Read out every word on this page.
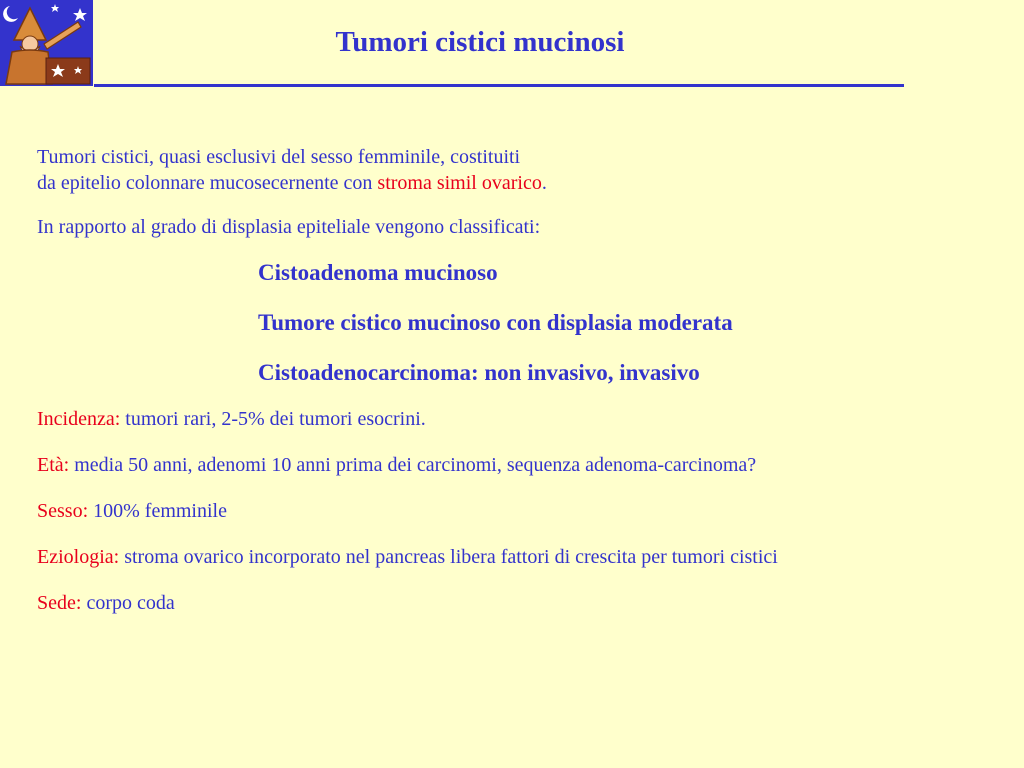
Tumori cistici mucinosi
Tumori cistici, quasi esclusivi del sesso femminile, costituiti
da epitelio colonnare mucosecernente con stroma simil ovarico.
In rapporto al grado di displasia epiteliale vengono classificati:
Cistoadenoma mucinoso
Tumore cistico mucinoso con displasia moderata
Cistoadenocarcinoma: non invasivo, invasivo
Incidenza: tumori rari, 2-5% dei tumori esocrini.
Età: media 50 anni, adenomi 10 anni prima dei carcinomi, sequenza adenoma-carcinoma?
Sesso: 100% femminile
Eziologia: stroma ovarico incorporato nel pancreas libera fattori di crescita per tumori cistici
Sede: corpo coda
